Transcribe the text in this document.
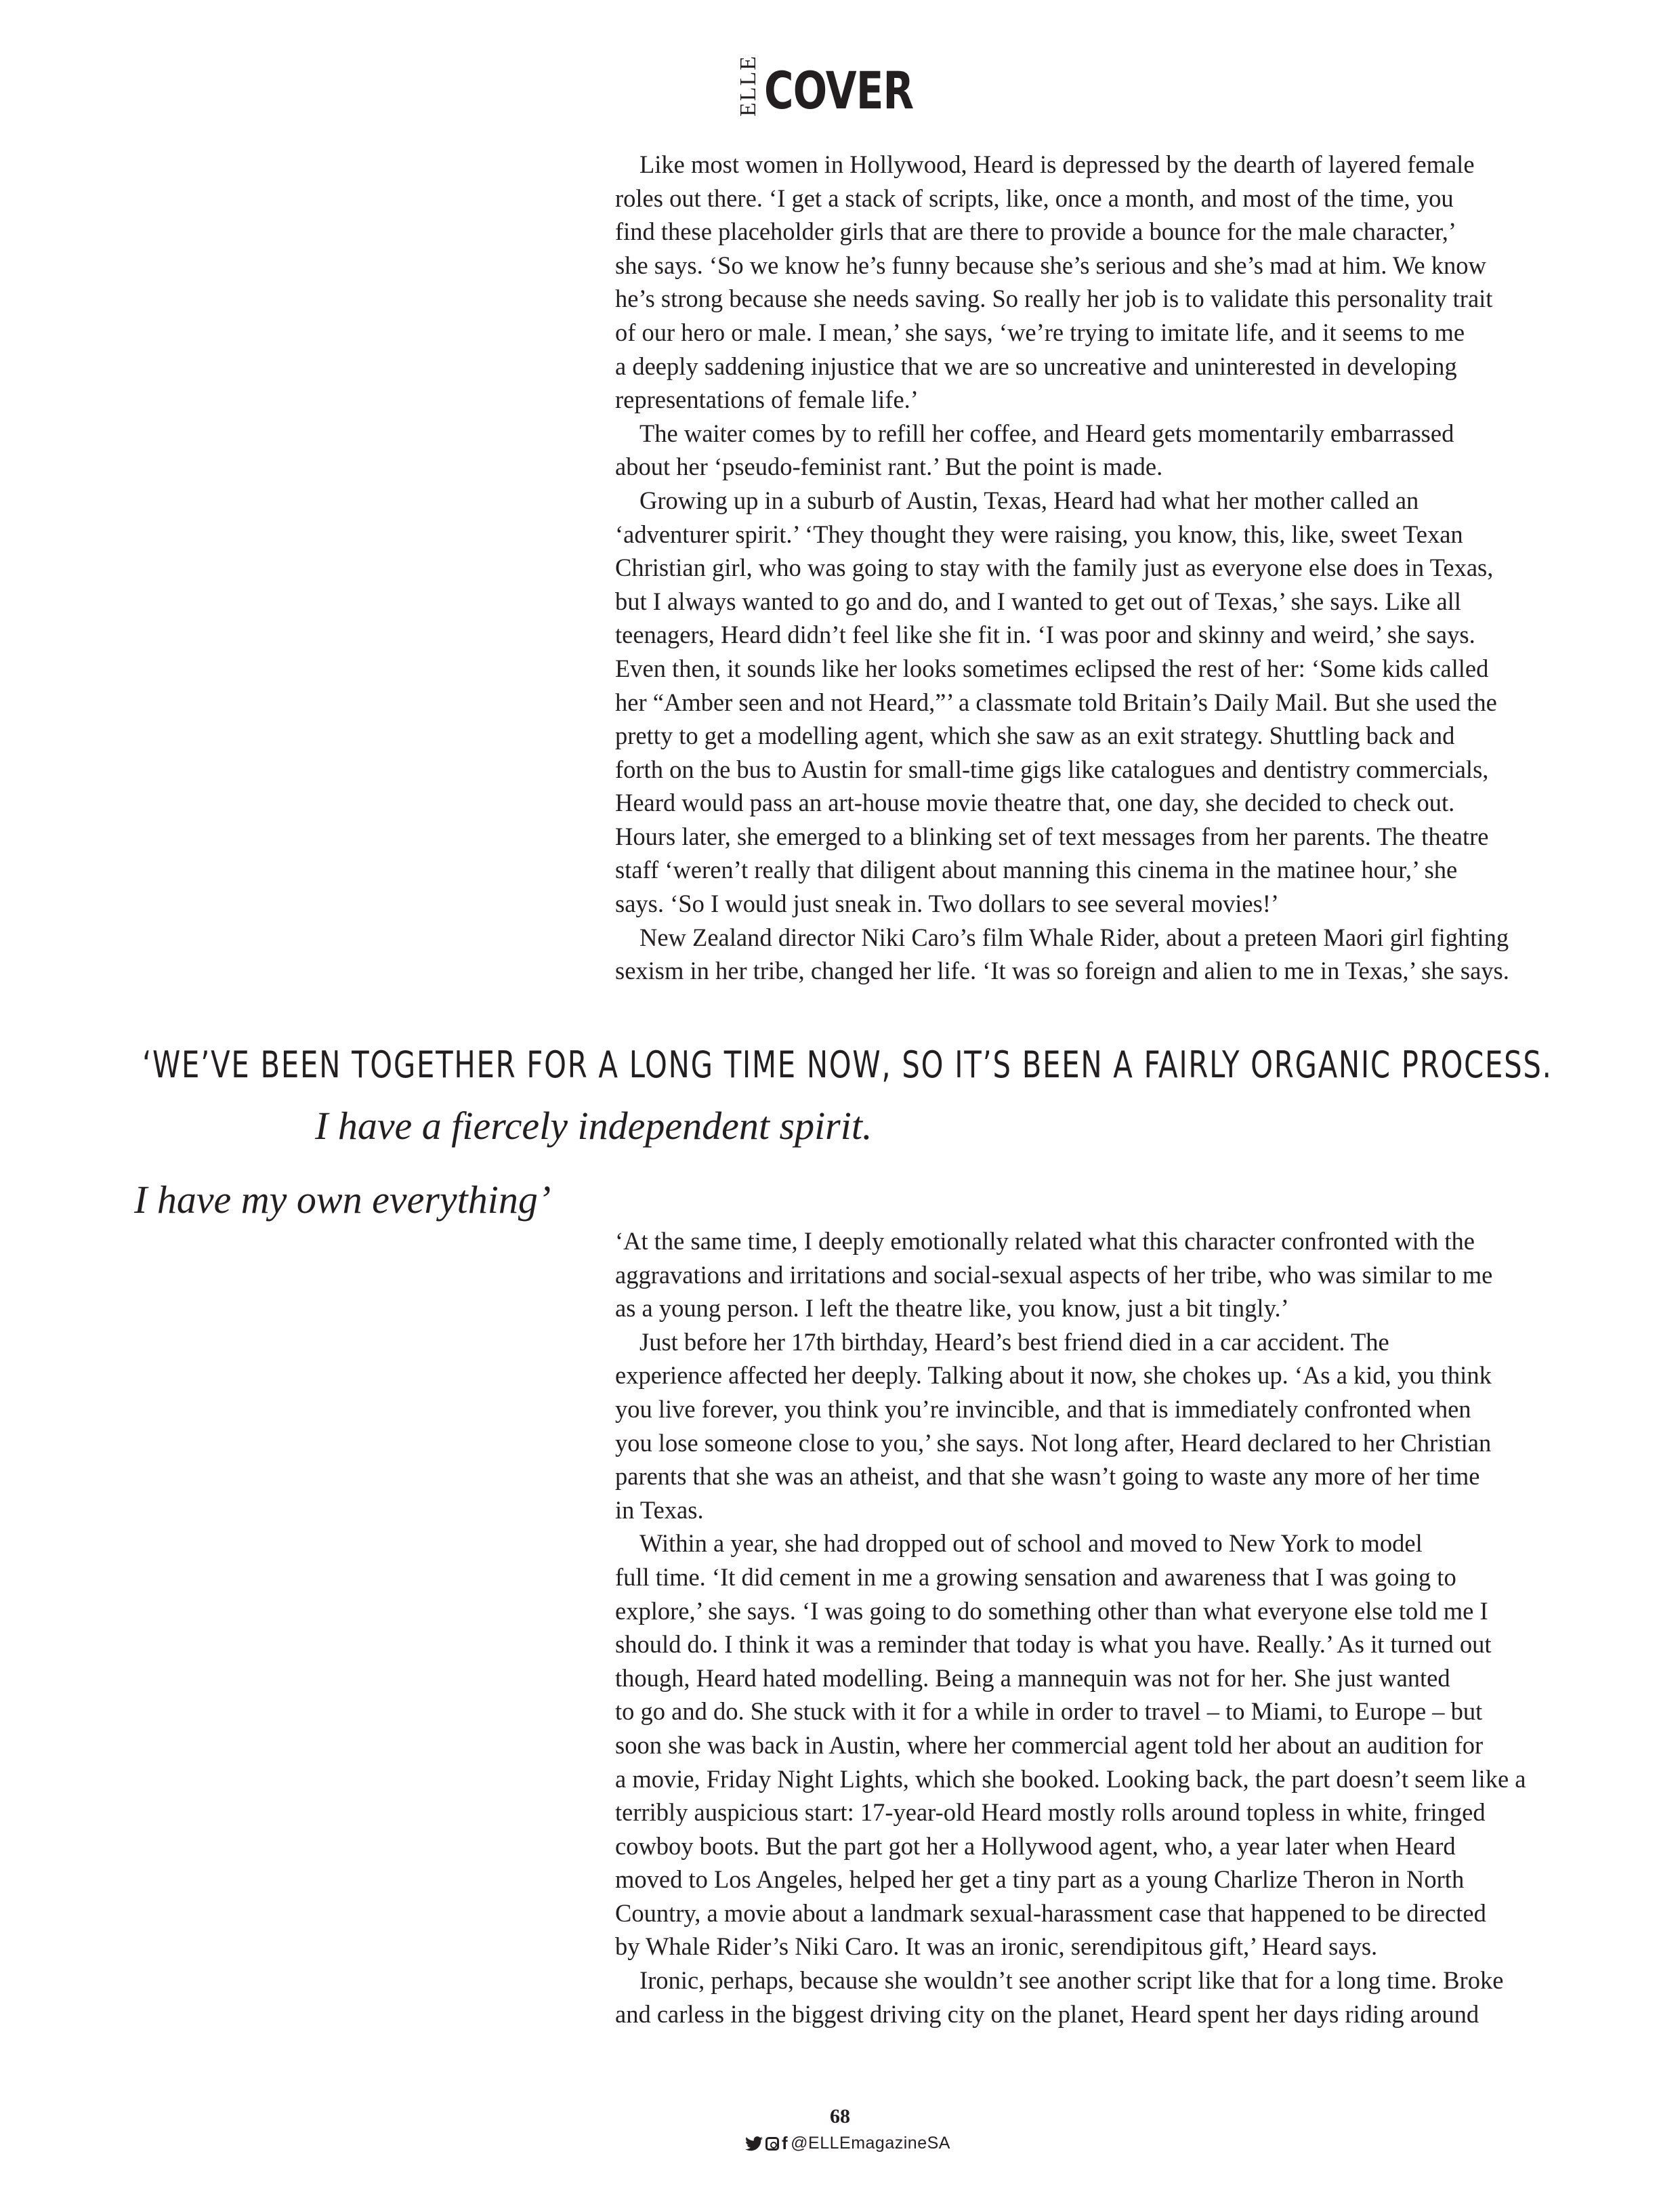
ELLE COVER

Like most women in Hollywood, Heard is depressed by the dearth of layered female
roles out there. ‘I get a stack of scripts, like, once a month, and most of the time, you
find these placeholder girls that are there to provide a bounce for the male character,’
she says. ‘So we know he’s funny because she’s serious and she’s mad at him. We know
he’s strong because she needs saving. So really her job is to validate this personality trait
of our hero or male. I mean,’ she says, ‘we’re trying to imitate life, and it seems to me
a deeply saddening injustice that we are so uncreative and uninterested in developing
representations of female life.’

The waiter comes by to refill her coffee, and Heard gets momentarily embarrassed
about her ‘pseudo-feminist rant.’ But the point is made.

Growing up in a suburb of Austin, Texas, Heard had what her mother called an
‘adventurer spirit.’ ‘They thought they were raising, you know, this, like, sweet Texan
Christian girl, who was going to stay with the family just as everyone else does in Texas,
but I always wanted to go and do, and I wanted to get out of Texas,’ she says. Like all
teenagers, Heard didn’t feel like she fit in. ‘I was poor and skinny and weird,’ she says.
Even then, it sounds like her looks sometimes eclipsed the rest of her: ‘Some kids called
her “Amber seen and not Heard,”’ a classmate told Britain’s Daily Mail. But she used the
pretty to get a modelling agent, which she saw as an exit strategy. Shuttling back and
forth on the bus to Austin for small-time gigs like catalogues and dentistry commercials,
Heard would pass an art-house movie theatre that, one day, she decided to check out.
Hours later, she emerged to a blinking set of text messages from her parents. The theatre
staff ‘weren’t really that diligent about manning this cinema in the matinee hour,’ she
says. ‘So I would just sneak in. Two dollars to see several movies!’

New Zealand director Niki Caro’s film Whale Rider, about a preteen Maori girl fighting
sexism in her tribe, changed her life. ‘It was so foreign and alien to me in Texas,’ she says.

‘WE’VE BEEN TOGETHER FOR A LONG TIME NOW, SO IT’S BEEN A FAIRLY ORGANIC PROCESS.
I have a fiercely independent spirit.
I have my own everything’

‘At the same time, I deeply emotionally related what this character confronted with the
aggravations and irritations and social-sexual aspects of her tribe, who was similar to me
as a young person. I left the theatre like, you know, just a bit tingly.’

Just before her 17th birthday, Heard’s best friend died in a car accident. The
experience affected her deeply. Talking about it now, she chokes up. ‘As a kid, you think
you live forever, you think you’re invincible, and that is immediately confronted when
you lose someone close to you,’ she says. Not long after, Heard declared to her Christian
parents that she was an atheist, and that she wasn’t going to waste any more of her time
in Texas.

Within a year, she had dropped out of school and moved to New York to model
full time. ‘It did cement in me a growing sensation and awareness that I was going to
explore,’ she says. ‘I was going to do something other than what everyone else told me I
should do. I think it was a reminder that today is what you have. Really.’ As it turned out
though, Heard hated modelling. Being a mannequin was not for her. She just wanted
to go and do. She stuck with it for a while in order to travel – to Miami, to Europe – but
soon she was back in Austin, where her commercial agent told her about an audition for
a movie, Friday Night Lights, which she booked. Looking back, the part doesn’t seem like a
terribly auspicious start: 17-year-old Heard mostly rolls around topless in white, fringed
cowboy boots. But the part got her a Hollywood agent, who, a year later when Heard
moved to Los Angeles, helped her get a tiny part as a young Charlize Theron in North
Country, a movie about a landmark sexual-harassment case that happened to be directed
by Whale Rider’s Niki Caro. It was an ironic, serendipitous gift,’ Heard says.

Ironic, perhaps, because she wouldn’t see another script like that for a long time. Broke
and carless in the biggest driving city on the planet, Heard spent her days riding around

68
f @ELLEmagazineSA
